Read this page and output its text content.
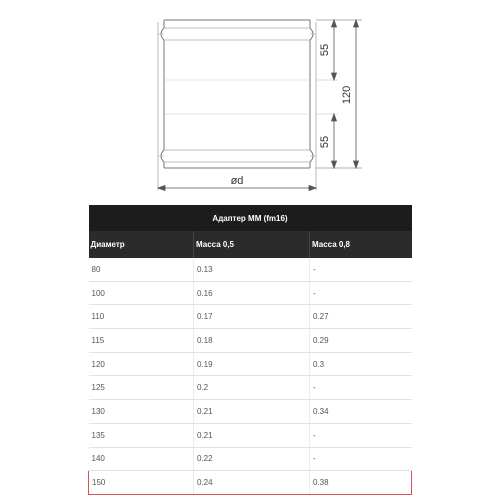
55
55
120
ød
Адаптер ММ (fm16)		
Диаметр	Масса 0,5	Масса 0,8
80	0.13	-
100	0.16	-
110	0.17	0.27
115	0.18	0.29
120	0.19	0.3
125	0.2	-
130	0.21	0.34
135	0.21	-
140	0.22	-
150	0.24	0.38
